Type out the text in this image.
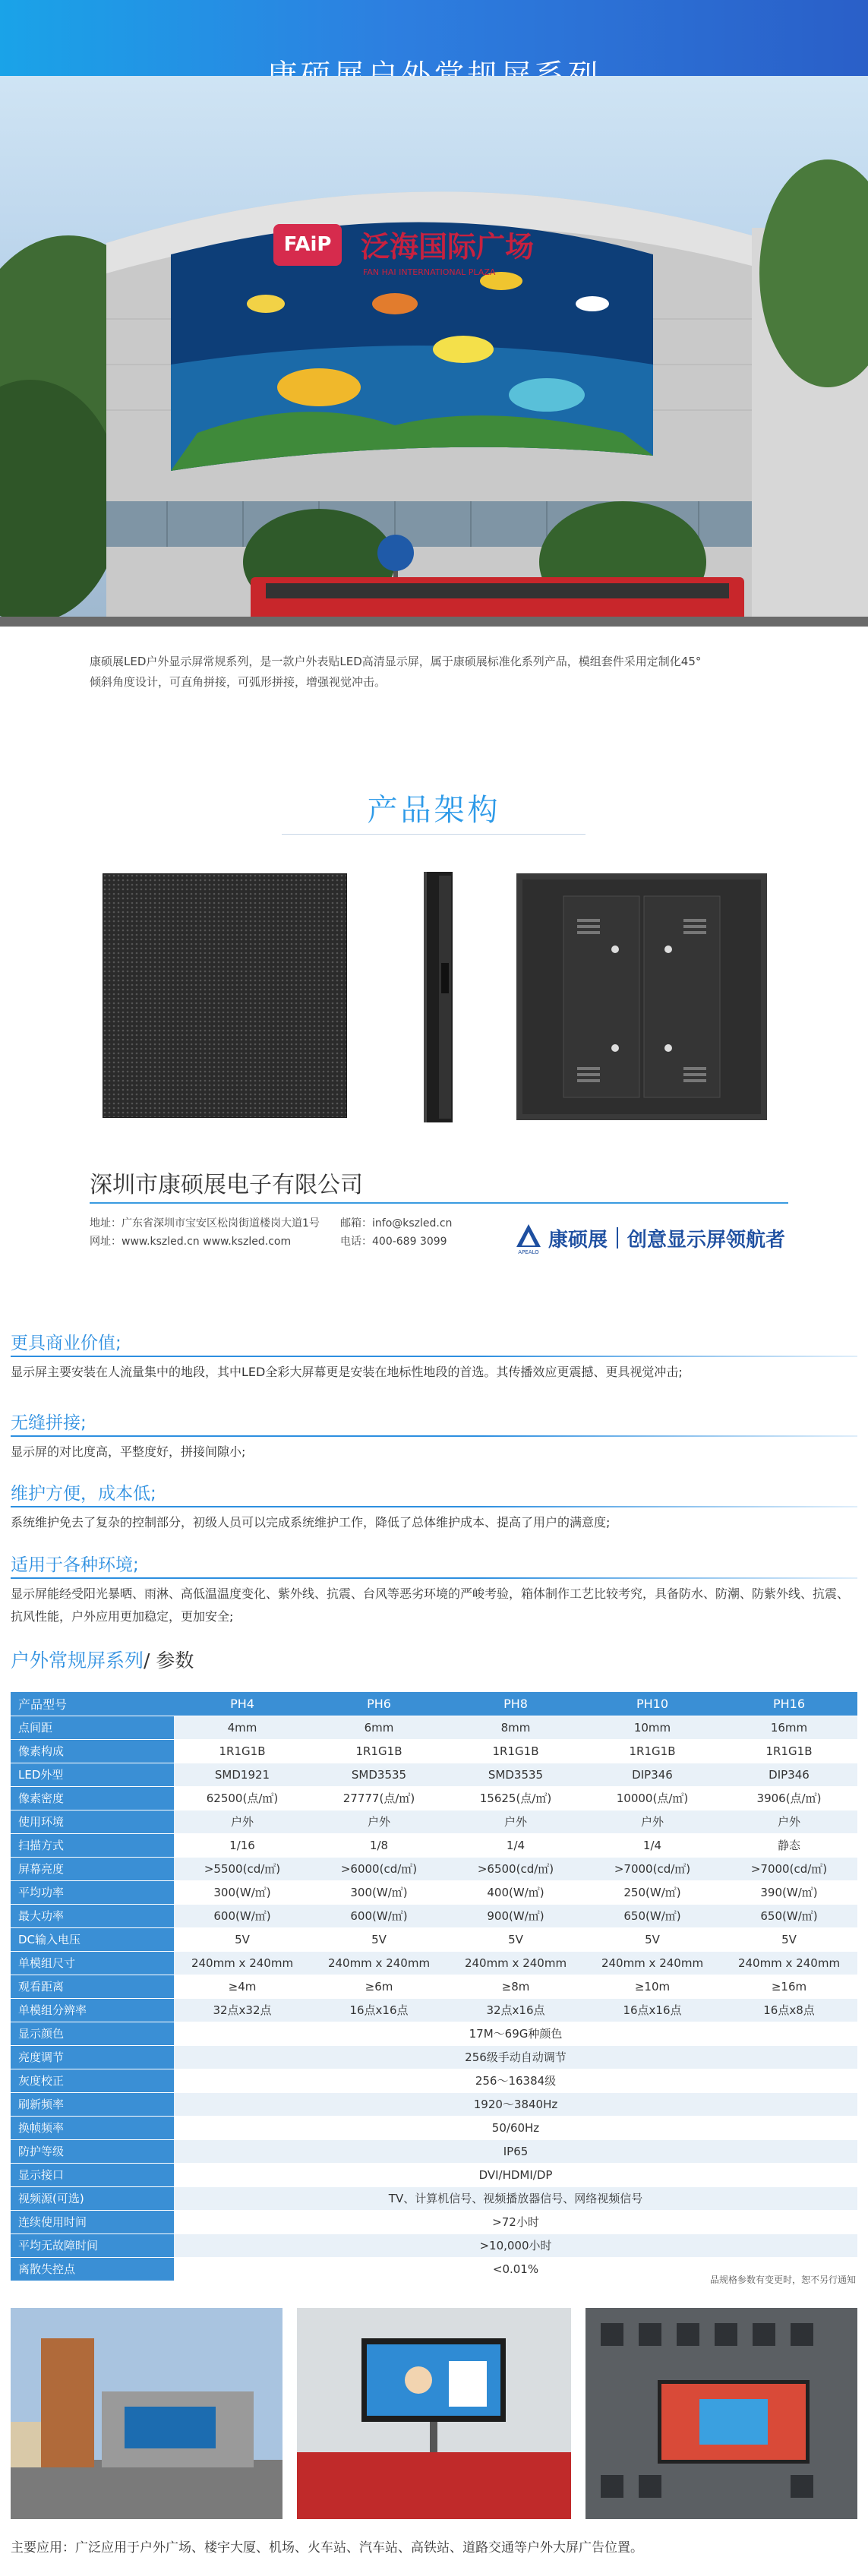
FAiP 泛海国际广场
FAN HAI INTERNATIONAL PLAZA
康硕展LED户外显示屏常规系列，是一款户外表贴LED高清显示屏，属于康硕展标准化系列产品，模组套件采用定制化45°
倾斜角度设计，可直角拼接，可弧形拼接，增强视觉冲击。
产品架构
深圳市康硕展电子有限公司
地址：广东省深圳市宝安区松岗街道楼岗大道1号
网址：www.kszled.cn www.kszled.com
邮箱：info@kszled.cn
电话：400-689 3099
APEALO
康硕展 创意显示屏领航者
更具商业价值;
显示屏主要安装在人流量集中的地段，其中LED全彩大屏幕更是安装在地标性地段的首选。其传播效应更震撼、更具视觉冲击;
无缝拼接;
显示屏的对比度高，平整度好，拼接间隙小;
维护方便，成本低;
系统维护免去了复杂的控制部分，初级人员可以完成系统维护工作，降低了总体维护成本、提高了用户的满意度;
适用于各种环境;
显示屏能经受阳光暴晒、雨淋、高低温温度变化、紫外线、抗震、台风等恶劣环境的严峻考验，箱体制作工艺比较考究，具备防水、防潮、防紫外线、抗震、抗风性能，户外应用更加稳定，更加安全;
户外常规屏系列/ 参数
产品型号	PH4	PH6	PH8	PH10	PH16
点间距	4mm	6mm	8mm	10mm	16mm
像素构成	1R1G1B	1R1G1B	1R1G1B	1R1G1B	1R1G1B
LED外型	SMD1921	SMD3535	SMD3535	DIP346	DIP346
像素密度	62500(点/㎡)	27777(点/㎡)	15625(点/㎡)	10000(点/㎡)	3906(点/㎡)
使用环境	户外	户外	户外	户外	户外
扫描方式	1/16	1/8	1/4	1/4	静态
屏幕亮度	>5500(cd/㎡)	>6000(cd/㎡)	>6500(cd/㎡)	>7000(cd/㎡)	>7000(cd/㎡)
平均功率	300(W/㎡)	300(W/㎡)	400(W/㎡)	250(W/㎡)	390(W/㎡)
最大功率	600(W/㎡)	600(W/㎡)	900(W/㎡)	650(W/㎡)	650(W/㎡)
DC输入电压	5V	5V	5V	5V	5V
单模组尺寸	240mm x 240mm	240mm x 240mm	240mm x 240mm	240mm x 240mm	240mm x 240mm
观看距离	≥4m	≥6m	≥8m	≥10m	≥16m
单模组分辨率	32点x32点	16点x16点	32点x16点	16点x16点	16点x8点
显示颜色	17M～69G种颜色				
亮度调节	256级手动自动调节				
灰度校正	256～16384级				
刷新频率	1920～3840Hz				
换帧频率	50/60Hz				
防护等级	IP65				
显示接口	DVI/HDMI/DP				
视频源(可选)	TV、计算机信号、视频播放器信号、网络视频信号				
连续使用时间	>72小时				
平均无故障时间	>10,000小时				
离散失控点	<0.01%				
品规格参数有变更时，恕不另行通知
主要应用：广泛应用于户外广场、楼宇大厦、机场、火车站、汽车站、高铁站、道路交通等户外大屏广告位置。
